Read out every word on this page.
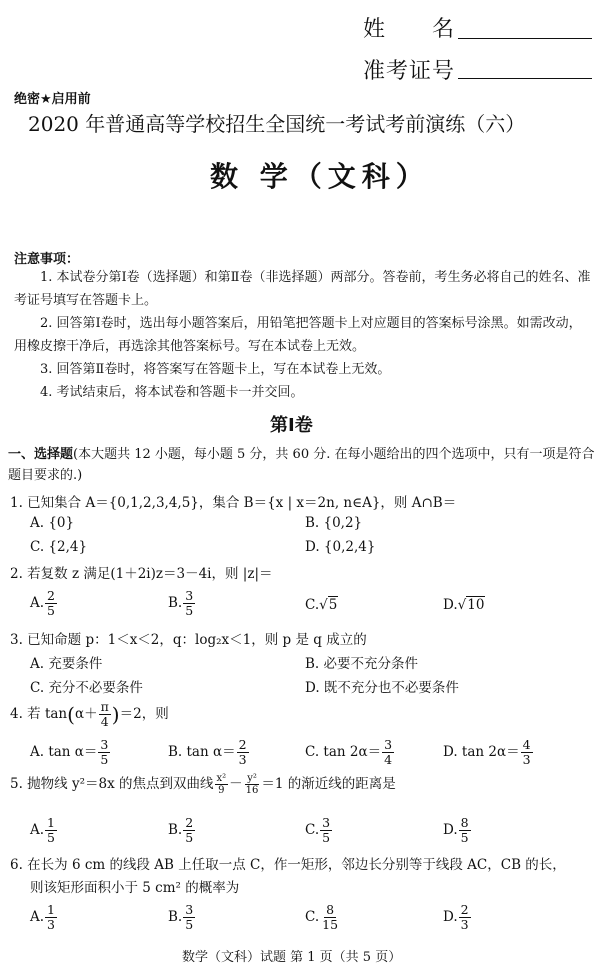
姓　　名
准考证号
绝密★启用前
2020 年普通高等学校招生全国统一考试考前演练（六）
数 学（文科）
注意事项：
1. 本试卷分第Ⅰ卷（选择题）和第Ⅱ卷（非选择题）两部分。答卷前，考生务必将自己的姓名、准考证号填写在答题卡上。
2. 回答第Ⅰ卷时，选出每小题答案后，用铅笔把答题卡上对应题目的答案标号涂黑。如需改动，用橡皮擦干净后，再选涂其他答案标号。写在本试卷上无效。
3. 回答第Ⅱ卷时，将答案写在答题卡上，写在本试卷上无效。
4. 考试结束后，将本试卷和答题卡一并交回。
第Ⅰ卷
一、选择题(本大题共 12 小题，每小题 5 分，共 60 分. 在每小题给出的四个选项中，只有一项是符合题目要求的.)
1. 已知集合 A＝{0,1,2,3,4,5}，集合 B＝{x | x＝2n, n∈A}，则 A∩B＝
A. {0}	B. {0,2}
C. {2,4}	D. {0,2,4}
2. 若复数 z 满足(1＋2i)z＝3－4i，则 |z|＝
A. $\frac{2}{5}$	B. $\frac{3}{5}$	C.√5	D.√10
3. 已知命题 p：1＜x＜2，q：log₂x＜1，则 p 是 q 成立的
A. 充要条件	B. 必要不充分条件
C. 充分不必要条件	D. 既不充分也不必要条件
4. 若 $\tan(\alpha+ \frac{\pi}{4} )=2$，则
A. $\tan \alpha= \frac{3}{5}$	B. $\tan \alpha= \frac{2}{3}$	C. $\tan 2\alpha= \frac{3}{4}$	D. $\tan 2\alpha= \frac{4}{3}$
5. 抛物线 y²＝8x 的焦点到双曲线 $\frac{\text{x²}}{9} - \frac{\text{y²}}{16} =1$ 的渐近线的距离是
A. $\frac{1}{5}$	B. $\frac{2}{5}$	C. $\frac{3}{5}$	D. $\frac{8}{5}$
6. 在长为 6 cm 的线段 AB 上任取一点 C，作一矩形，邻边长分别等于线段 AC，CB 的长，
则该矩形面积小于 5 cm² 的概率为
A. $\frac{1}{3}$	B. $\frac{3}{5}$	C. $\frac{8}{15}$	D. $\frac{2}{3}$
数学（文科）试题 第 1 页（共 5 页）
